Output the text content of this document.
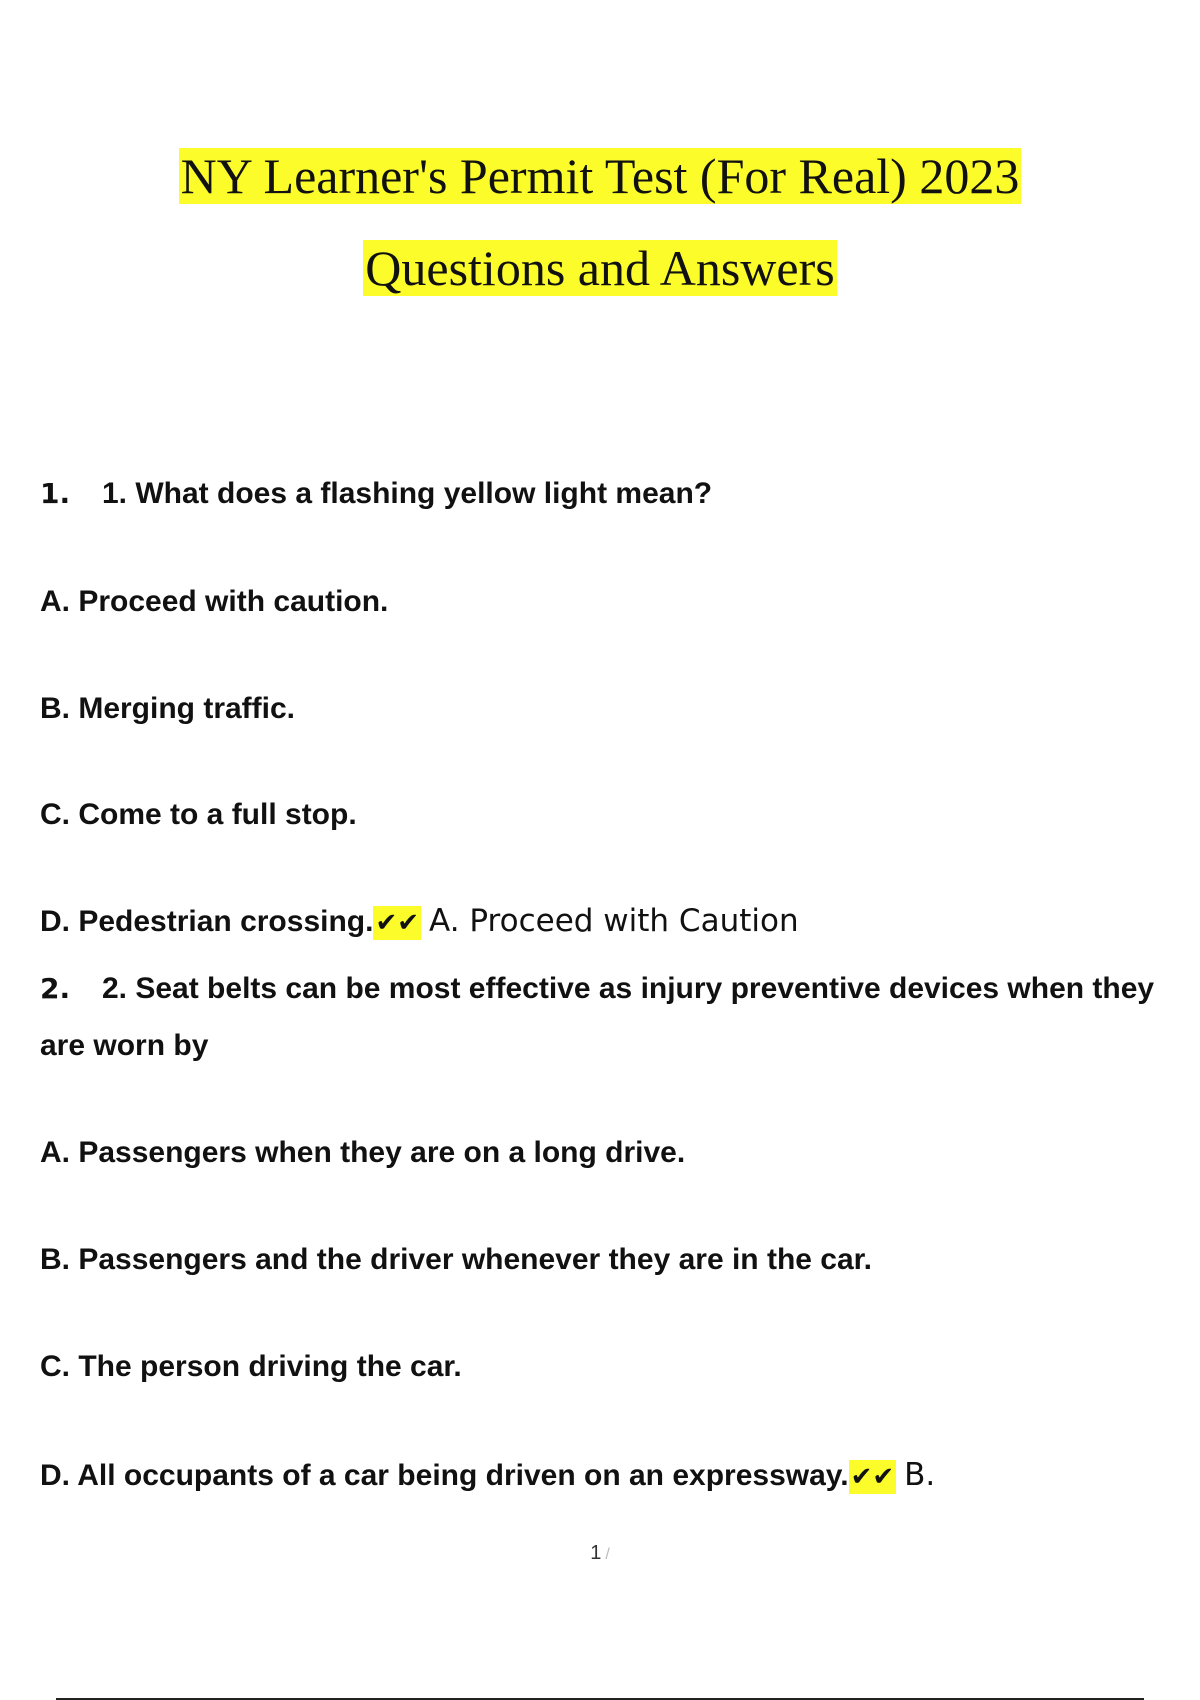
NY Learner's Permit Test (For Real) 2023
Questions and Answers

1. 1. What does a flashing yellow light mean?

A. Proceed with caution.
B. Merging traffic.
C. Come to a full stop.
D. Pedestrian crossing.✔✔ A. Proceed with Caution

2. 2. Seat belts can be most effective as injury preventive devices when they are worn by

A. Passengers when they are on a long drive.
B. Passengers and the driver whenever they are in the car.
C. The person driving the car.
D. All occupants of a car being driven on an expressway.✔✔ B.
1 /
